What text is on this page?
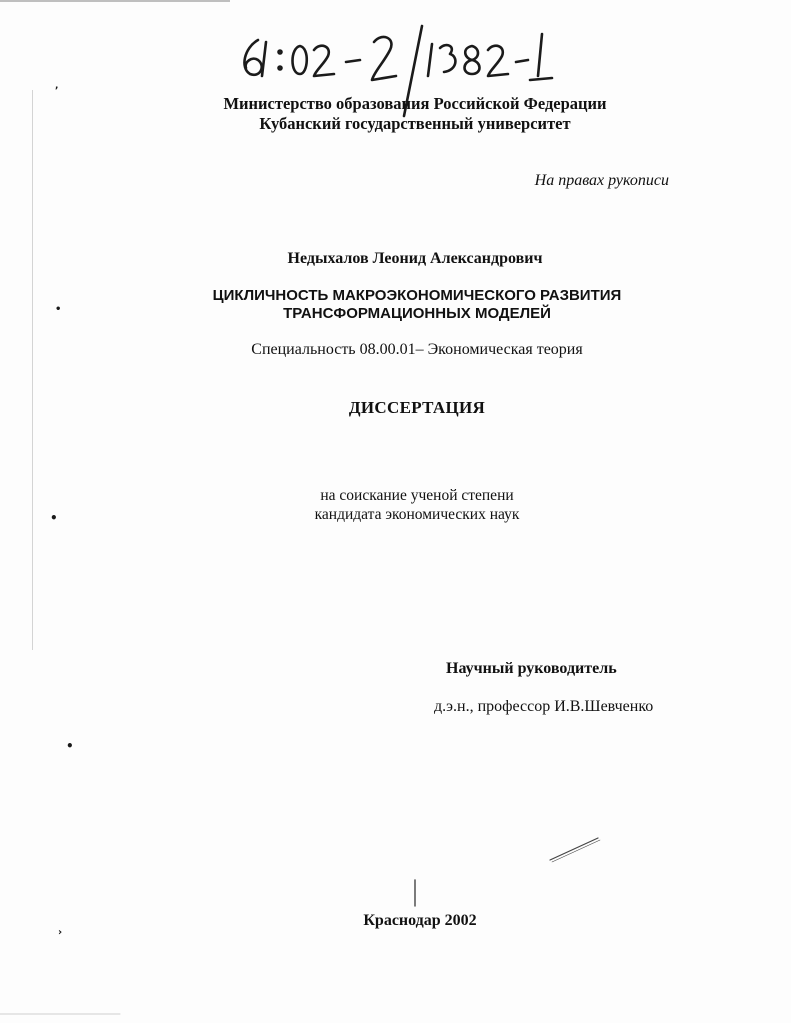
,
•
•
•
›
Министерство образования Российской Федерации
Кубанский государственный университет
На правах рукописи
Недыхалов Леонид Александрович
ЦИКЛИЧНОСТЬ МАКРОЭКОНОМИЧЕСКОГО РАЗВИТИЯ
ТРАНСФОРМАЦИОННЫХ МОДЕЛЕЙ
Специальность 08.00.01– Экономическая теория
ДИССЕРТАЦИЯ
на соискание ученой степени
кандидата экономических наук
Научный руководитель
д.э.н., профессор И.В.Шевченко
Краснодар 2002
